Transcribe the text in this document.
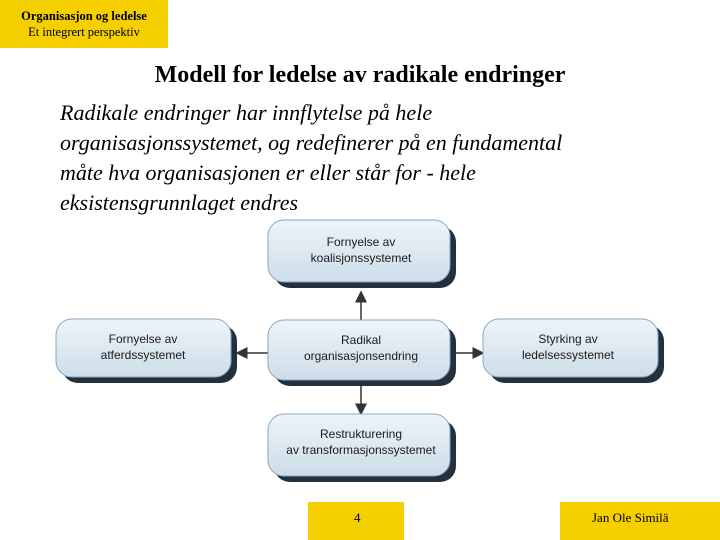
Organisasjon og ledelse
Et integrert perspektiv
Modell for ledelse av radikale endringer
Radikale endringer har innflytelse på hele
organisasjonssystemet, og redefinerer på en fundamental
måte hva organisasjonen er eller står for - hele
eksistensgrunnlaget endres
Fornyelse av
koalisjonssystemet
Fornyelse av
atferdssystemet
Radikal
organisasjonsendring
Styrking av
ledelsessystemet
Restrukturering
av transformasjonssystemet
4	Jan Ole Similä
